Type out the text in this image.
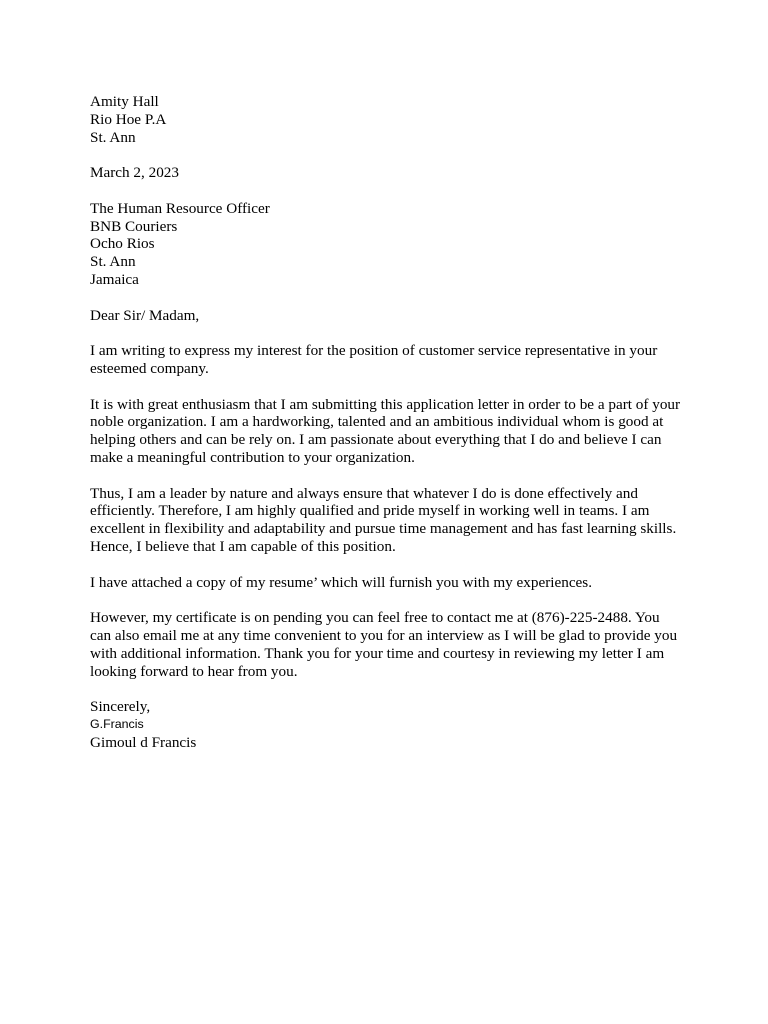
Amity Hall
Rio Hoe P.A
St. Ann
March 2, 2023
The Human Resource Officer
BNB Couriers
Ocho Rios
St. Ann
Jamaica
Dear Sir/ Madam,
I am writing to express my interest for the position of customer service representative in your
esteemed company.
It is with great enthusiasm that I am submitting this application letter in order to be a part of your
noble organization. I am a hardworking, talented and an ambitious individual whom is good at
helping others and can be rely on. I am passionate about everything that I do and believe I can
make a meaningful contribution to your organization.
Thus, I am a leader by nature and always ensure that whatever I do is done effectively and
efficiently. Therefore, I am highly qualified and pride myself in working well in teams. I am
excellent in flexibility and adaptability and pursue time management and has fast learning skills.
Hence, I believe that I am capable of this position.
I have attached a copy of my resume’ which will furnish you with my experiences.
However, my certificate is on pending you can feel free to contact me at (876)-225-2488. You
can also email me at any time convenient to you for an interview as I will be glad to provide you
with additional information. Thank you for your time and courtesy in reviewing my letter I am
looking forward to hear from you.
Sincerely,
G.Francis
Gimoul d Francis
